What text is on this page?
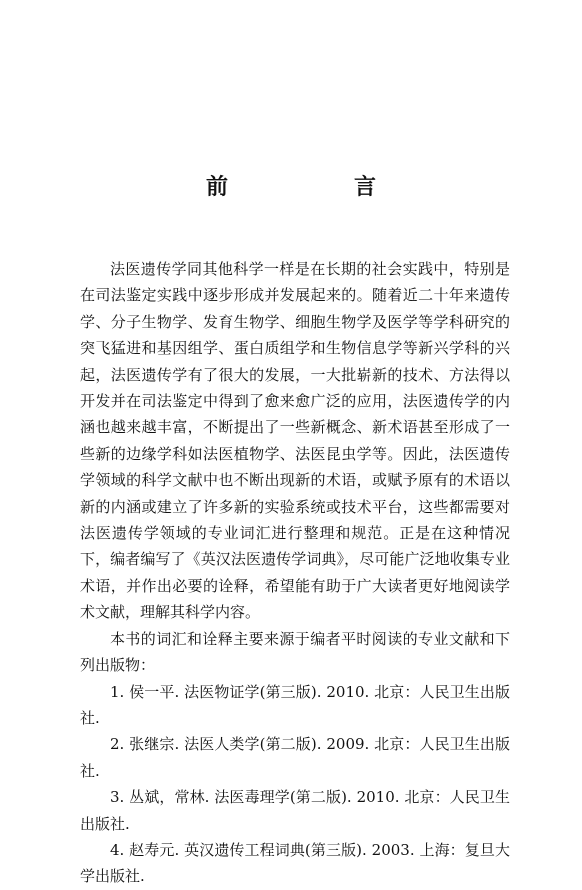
前　言

法医遗传学同其他科学一样是在长期的社会实践中，特别是在司法鉴定实践中逐步形成并发展起来的。随着近二十年来遗传学、分子生物学、发育生物学、细胞生物学及医学等学科研究的突飞猛进和基因组学、蛋白质组学和生物信息学等新兴学科的兴起，法医遗传学有了很大的发展，一大批崭新的技术、方法得以开发并在司法鉴定中得到了愈来愈广泛的应用，法医遗传学的内涵也越来越丰富，不断提出了一些新概念、新术语甚至形成了一些新的边缘学科如法医植物学、法医昆虫学等。因此，法医遗传学领域的科学文献中也不断出现新的术语，或赋予原有的术语以新的内涵或建立了许多新的实验系统或技术平台，这些都需要对法医遗传学领域的专业词汇进行整理和规范。正是在这种情况下，编者编写了《英汉法医遗传学词典》，尽可能广泛地收集专业术语，并作出必要的诠释，希望能有助于广大读者更好地阅读学术文献，理解其科学内容。

本书的词汇和诠释主要来源于编者平时阅读的专业文献和下列出版物：

1. 侯一平. 法医物证学(第三版). 2010. 北京：人民卫生出版社.

2. 张继宗. 法医人类学(第二版). 2009. 北京：人民卫生出版社.

3. 丛斌，常林. 法医毒理学(第二版). 2010. 北京：人民卫生出版社.

4. 赵寿元. 英汉遗传工程词典(第三版). 2003. 上海：复旦大学出版社.
